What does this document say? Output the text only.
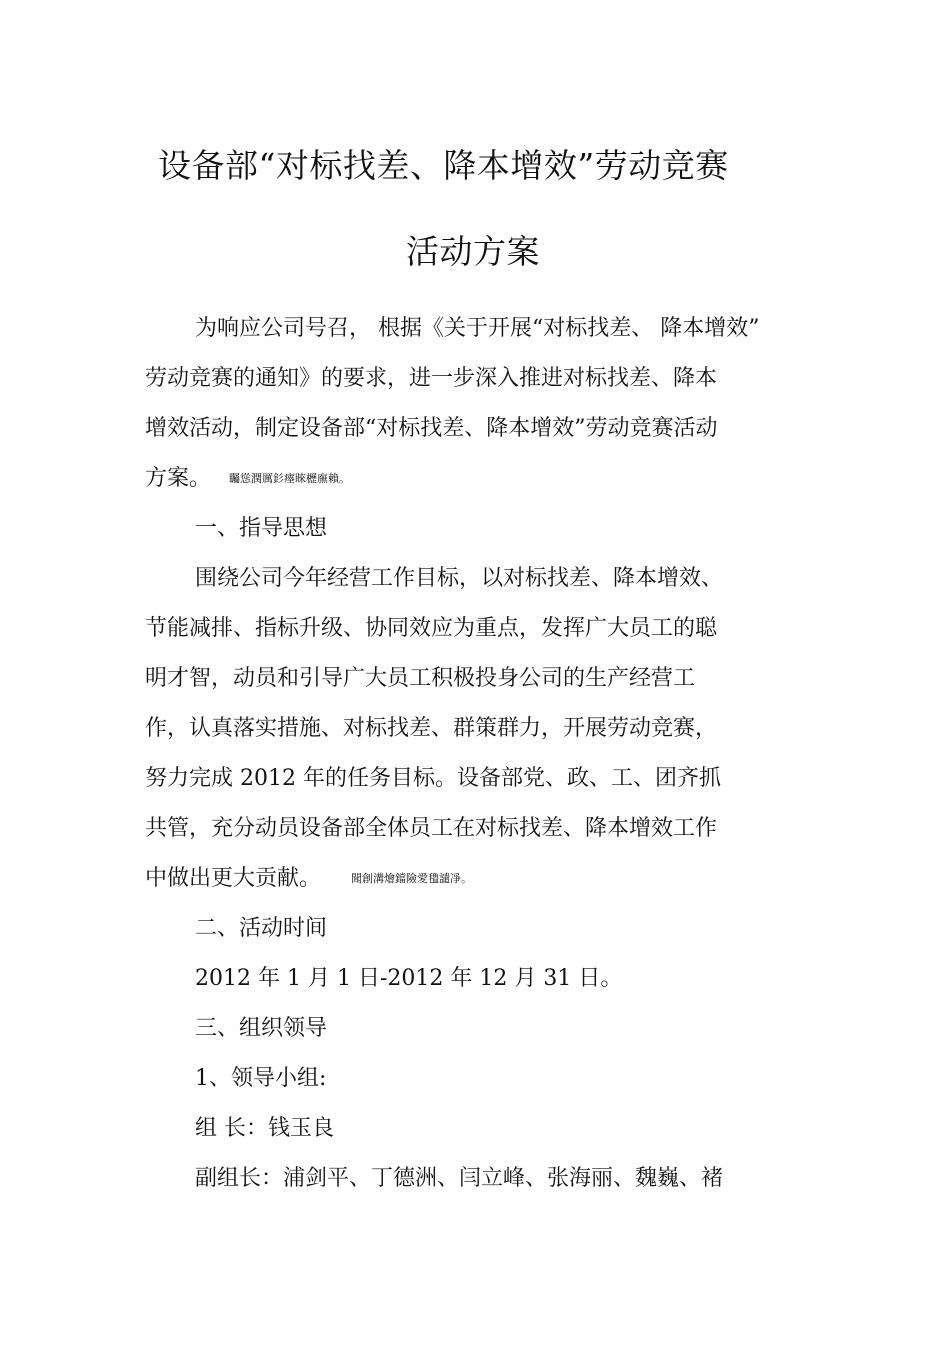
设备部“对标找差、降本增效”劳动竞赛
活动方案
为响应公司号召， 根据《关于开展“对标找差、 降本增效”
劳动竞赛的通知》的要求，进一步深入推进对标找差、降本
增效活动，制定设备部“对标找差、降本增效”劳动竞赛活动
方案。 矚慫潤厲釤瘞睞櫪廡賴。
一、指导思想
围绕公司今年经营工作目标，以对标找差、降本增效、
节能减排、指标升级、协同效应为重点，发挥广大员工的聪
明才智，动员和引导广大员工积极投身公司的生产经营工
作，认真落实措施、对标找差、群策群力，开展劳动竞赛，
努力完成 2012 年的任务目标。设备部党、政、工、团齐抓
共管，充分动员设备部全体员工在对标找差、降本增效工作
中做出更大贡献。	聞創溝燴鐺險愛氌譴凈。
二、活动时间
2012 年 1 月 1 日-2012 年 12 月 31 日。
三、组织领导
1、领导小组:
组 长：钱玉良
副组长：浦剑平、丁德洲、闫立峰、张海丽、魏巍、褚
